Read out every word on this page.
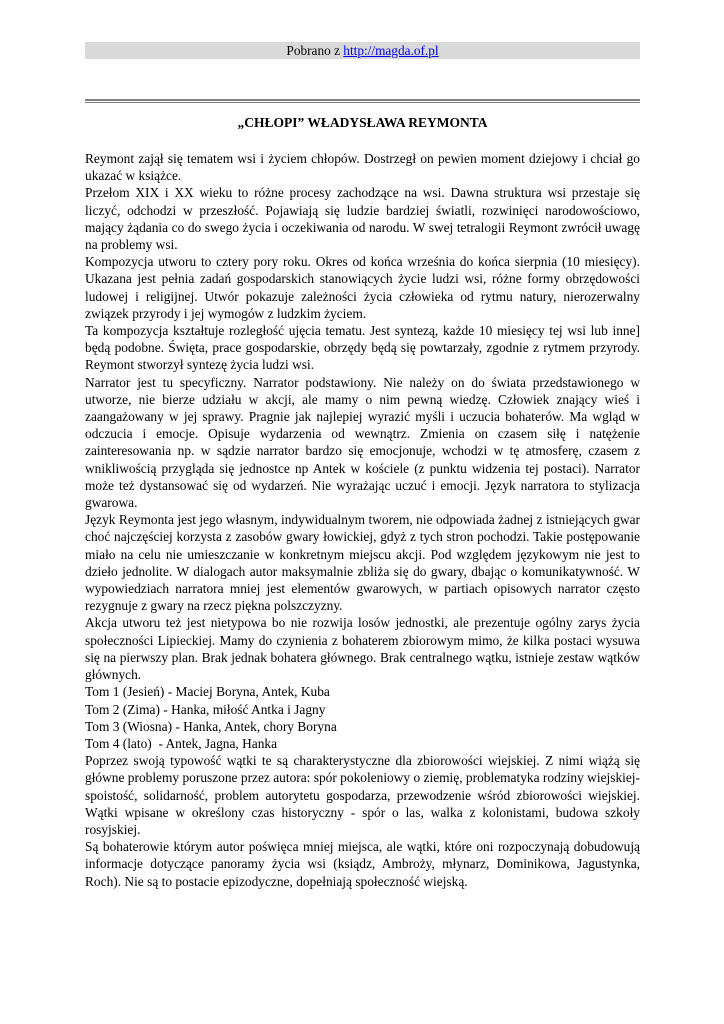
Pobrano z http://magda.of.pl
„CHŁOPI” WŁADYSŁAWA REYMONTA

Reymont zajął się tematem wsi i życiem chłopów. Dostrzegł on pewien moment dziejowy i chciał go ukazać w książce.

Przełom XIX i XX wieku to różne procesy zachodzące na wsi. Dawna struktura wsi przestaje się liczyć, odchodzi w przeszłość. Pojawiają się ludzie bardziej światli, rozwinięci narodowościowo, mający żądania co do swego życia i oczekiwania od narodu. W swej tetralogii Reymont zwrócił uwagę na problemy wsi.

Kompozycja utworu to cztery pory roku. Okres od końca września do końca sierpnia (10 miesięcy). Ukazana jest pełnia zadań gospodarskich stanowiących życie ludzi wsi, różne formy obrzędowości ludowej i religijnej. Utwór pokazuje zależności życia człowieka od rytmu natury, nierozerwalny związek przyrody i jej wymogów z ludzkim życiem.

Ta kompozycja kształtuje rozległość ujęcia tematu. Jest syntezą, każde 10 miesięcy tej wsi lub inne] będą podobne. Święta, prace gospodarskie, obrzędy będą się powtarzały, zgodnie z rytmem przyrody. Reymont stworzył syntezę życia ludzi wsi.

Narrator jest tu specyficzny. Narrator podstawiony. Nie należy on do świata przedstawionego w utworze, nie bierze udziału w akcji, ale mamy o nim pewną wiedzę. Człowiek znający wieś i zaangażowany w jej sprawy. Pragnie jak najlepiej wyrazić myśli i uczucia bohaterów. Ma wgląd w odczucia i emocje. Opisuje wydarzenia od wewnątrz. Zmienia on czasem siłę i natężenie zainteresowania np. w sądzie narrator bardzo się emocjonuje, wchodzi w tę atmosferę, czasem z wnikliwością przygląda się jednostce np Antek w kościele (z punktu widzenia tej postaci). Narrator może też dystansować się od wydarzeń. Nie wyrażając uczuć i emocji. Język narratora to stylizacja gwarowa.

Język Reymonta jest jego własnym, indywidualnym tworem, nie odpowiada żadnej z istniejących gwar choć najczęściej korzysta z zasobów gwary łowickiej, gdyż z tych stron pochodzi. Takie postępowanie miało na celu nie umieszczanie w konkretnym miejscu akcji. Pod względem językowym nie jest to dzieło jednolite. W dialogach autor maksymalnie zbliża się do gwary, dbając o komunikatywność. W wypowiedziach narratora mniej jest elementów gwarowych, w partiach opisowych narrator często rezygnuje z gwary na rzecz piękna polszczyzny.

Akcja utworu też jest nietypowa bo nie rozwija losów jednostki, ale prezentuje ogólny zarys życia społeczności Lipieckiej. Mamy do czynienia z bohaterem zbiorowym mimo, że kilka postaci wysuwa się na pierwszy plan. Brak jednak bohatera głównego. Brak centralnego wątku, istnieje zestaw wątków głównych.

Tom 1 (Jesień) - Maciej Boryna, Antek, Kuba

Tom 2 (Zima) - Hanka, miłość Antka i Jagny

Tom 3 (Wiosna) - Hanka, Antek, chory Boryna

Tom 4 (lato)  - Antek, Jagna, Hanka

Poprzez swoją typowość wątki te są charakterystyczne dla zbiorowości wiejskiej. Z nimi wiążą się główne problemy poruszone przez autora: spór pokoleniowy o ziemię, problematyka rodziny wiejskiej-spoistość, solidarność, problem autorytetu gospodarza, przewodzenie wśród zbiorowości wiejskiej. Wątki wpisane w określony czas historyczny - spór o las, walka z kolonistami, budowa szkoły rosyjskiej.

Są bohaterowie którym autor poświęca mniej miejsca, ale wątki, które oni rozpoczynają dobudowują informacje dotyczące panoramy życia wsi (ksiądz, Ambroży, młynarz, Dominikowa, Jagustynka, Roch). Nie są to postacie epizodyczne, dopełniają społeczność wiejską.
